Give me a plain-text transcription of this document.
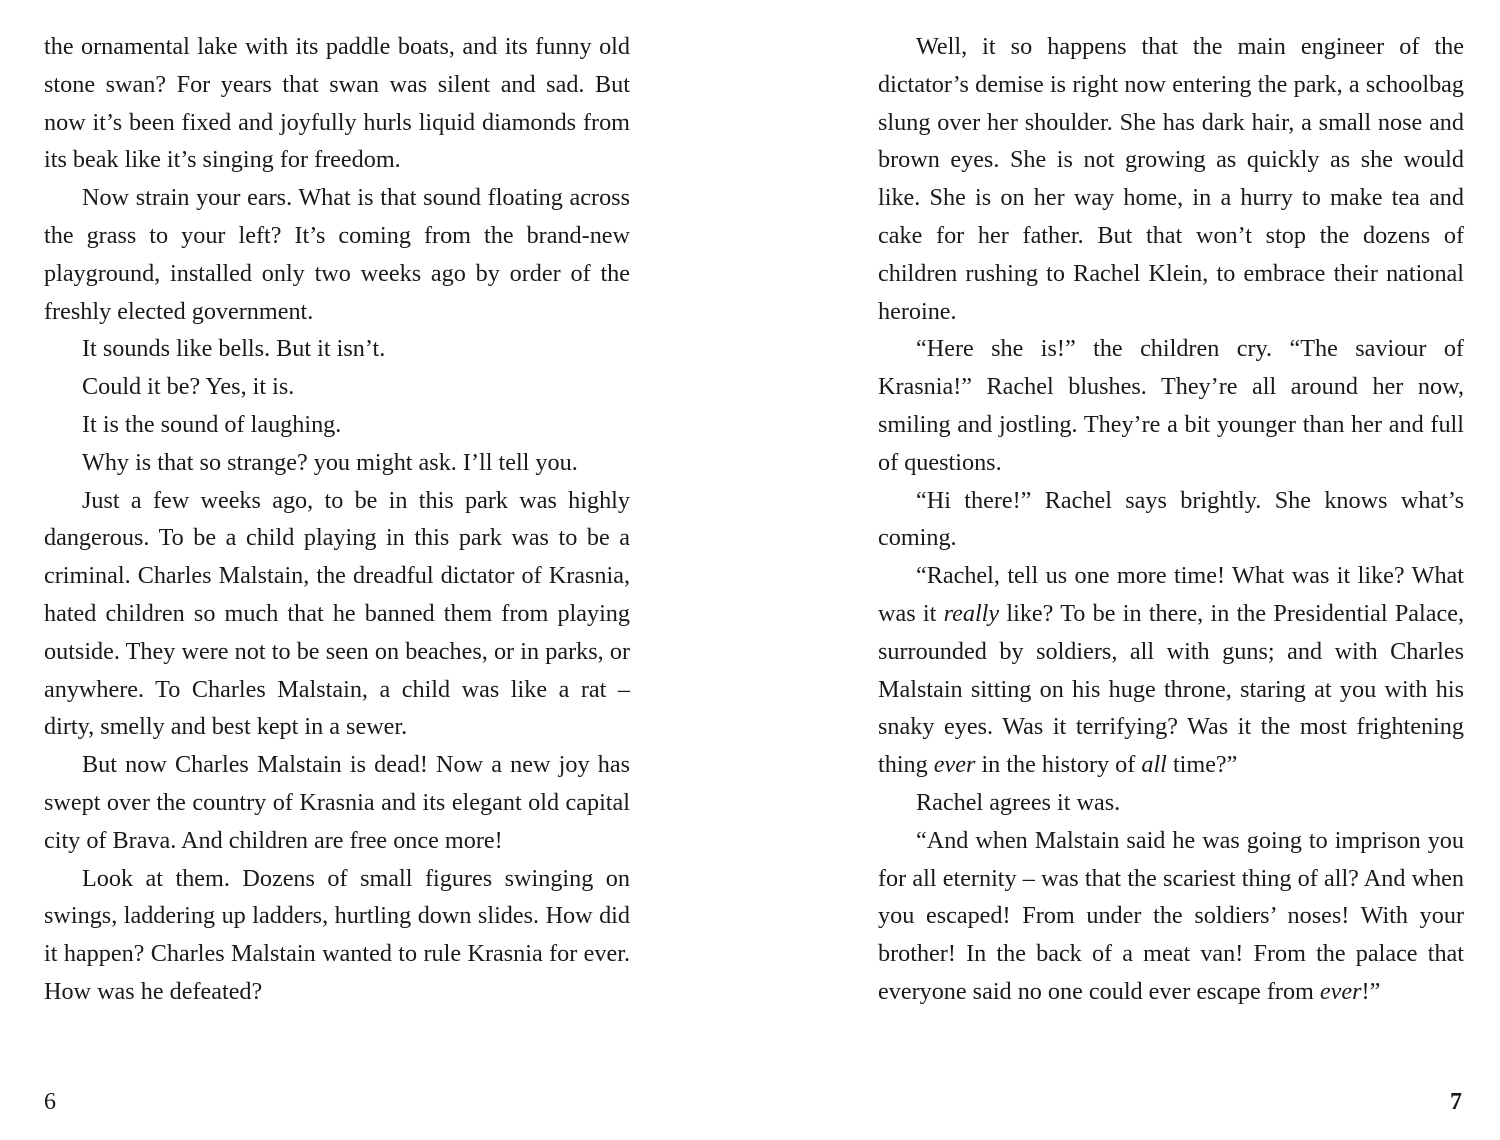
the ornamental lake with its paddle boats, and its funny old stone swan? For years that swan was silent and sad. But now it’s been fixed and joyfully hurls liquid diamonds from its beak like it’s singing for freedom.

Now strain your ears. What is that sound floating across the grass to your left? It’s coming from the brand-new playground, installed only two weeks ago by order of the freshly elected government.

It sounds like bells. But it isn’t.

Could it be? Yes, it is.

It is the sound of laughing.

Why is that so strange? you might ask. I’ll tell you.

Just a few weeks ago, to be in this park was highly dangerous. To be a child playing in this park was to be a criminal. Charles Malstain, the dreadful dictator of Krasnia, hated children so much that he banned them from playing outside. They were not to be seen on beaches, or in parks, or anywhere. To Charles Malstain, a child was like a rat – dirty, smelly and best kept in a sewer.

But now Charles Malstain is dead! Now a new joy has swept over the country of Krasnia and its elegant old capital city of Brava. And children are free once more!

Look at them. Dozens of small figures swinging on swings, laddering up ladders, hurtling down slides. How did it happen? Charles Malstain wanted to rule Krasnia for ever. How was he defeated?

Well, it so happens that the main engineer of the dictator’s demise is right now entering the park, a schoolbag slung over her shoulder. She has dark hair, a small nose and brown eyes. She is not growing as quickly as she would like. She is on her way home, in a hurry to make tea and cake for her father. But that won’t stop the dozens of children rushing to Rachel Klein, to embrace their national heroine.

“Here she is!” the children cry. “The saviour of Krasnia!” Rachel blushes. They’re all around her now, smiling and jostling. They’re a bit younger than her and full of questions.

“Hi there!” Rachel says brightly. She knows what’s coming.

“Rachel, tell us one more time! What was it like? What was it really like? To be in there, in the Presidential Palace, surrounded by soldiers, all with guns; and with Charles Malstain sitting on his huge throne, staring at you with his snaky eyes. Was it terrifying? Was it the most frightening thing ever in the history of all time?”

Rachel agrees it was.

“And when Malstain said he was going to imprison you for all eternity – was that the scariest thing of all? And when you escaped! From under the soldiers’ noses! With your brother! In the back of a meat van! From the palace that everyone said no one could ever escape from ever!”

6	7
